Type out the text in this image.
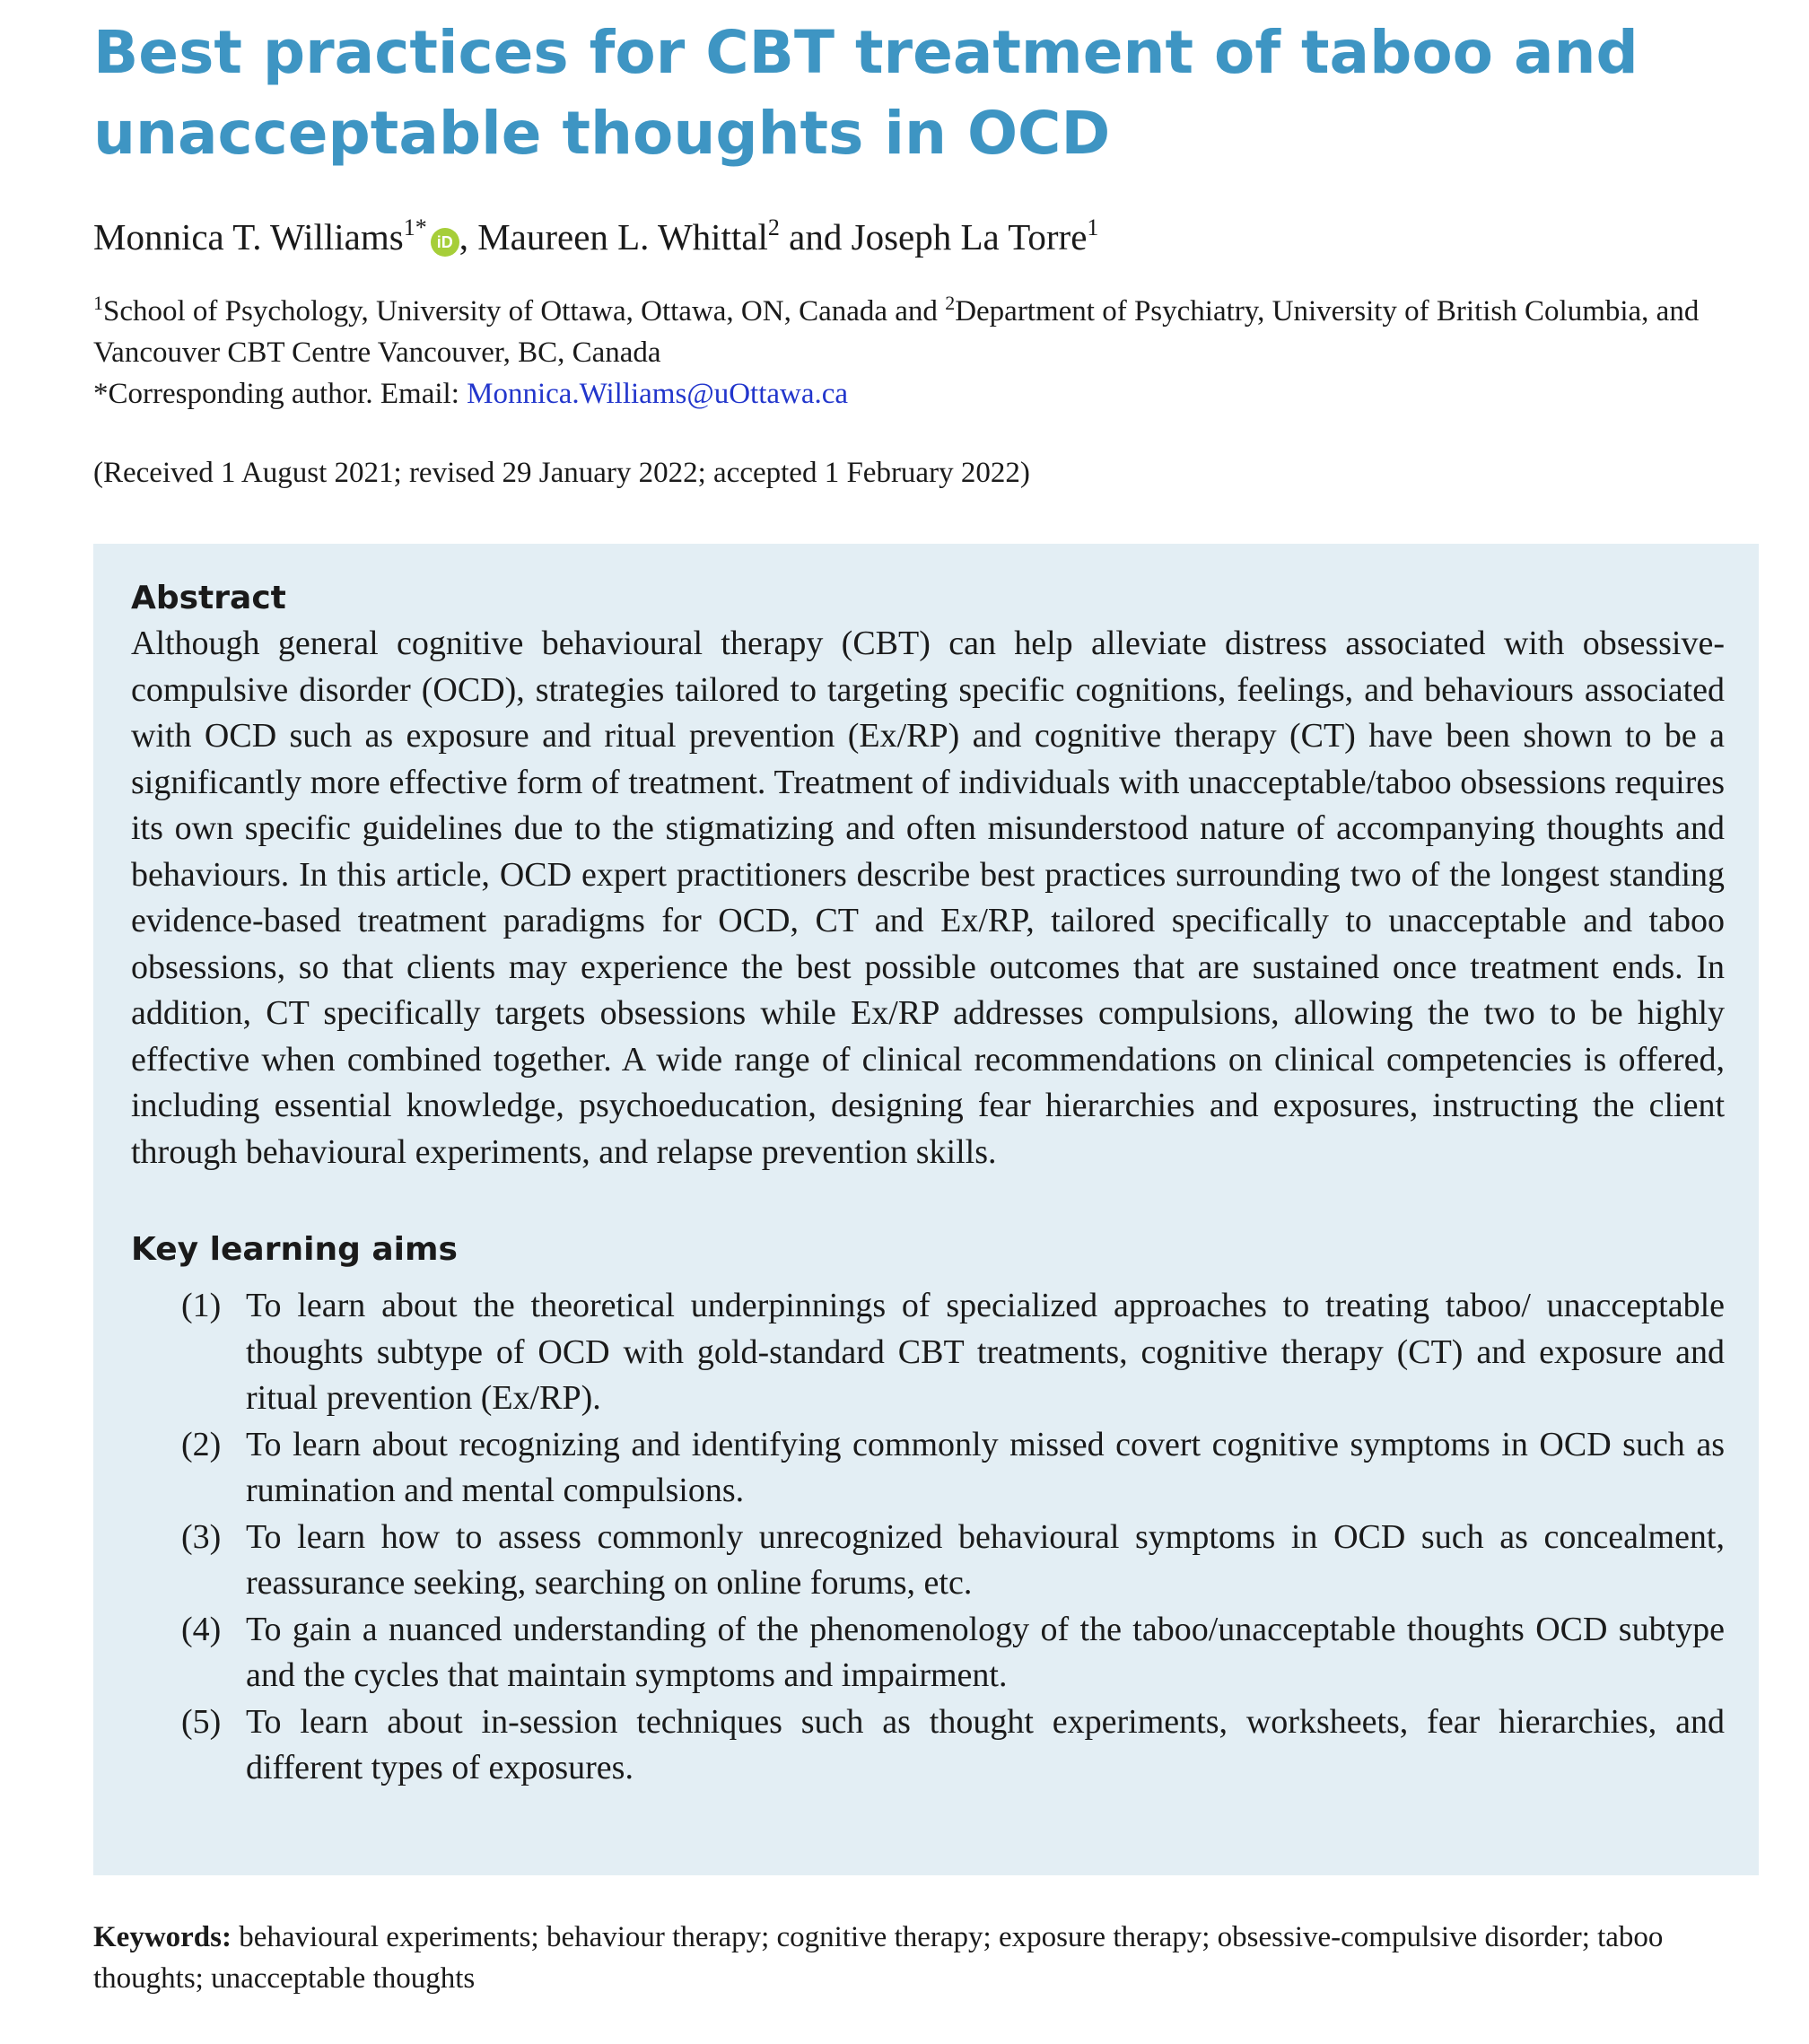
Best practices for CBT treatment of taboo and
unacceptable thoughts in OCD
Monnica T. Williams$^{1*}$iD , Maureen L. Whittal$^2$ and Joseph La Torre$^1$
$^1$School of Psychology, University of Ottawa, Ottawa, ON, Canada and $^2$Department of Psychiatry, University of British Columbia, and Vancouver CBT Centre Vancouver, BC, Canada
*Corresponding author. Email: Monnica.Williams@uOttawa.ca
(Received 1 August 2021; revised 29 January 2022; accepted 1 February 2022)
Abstract

Although general cognitive behavioural therapy (CBT) can help alleviate distress associated with obsessive-compulsive disorder (OCD), strategies tailored to targeting specific cognitions, feelings, and behaviours associated with OCD such as exposure and ritual prevention (Ex/RP) and cognitive therapy (CT) have been shown to be a significantly more effective form of treatment. Treatment of individuals with unacceptable/taboo obsessions requires its own specific guidelines due to the stigmatizing and often misunderstood nature of accompanying thoughts and behaviours. In this article, OCD expert practitioners describe best practices surrounding two of the longest standing evidence-based treatment paradigms for OCD, CT and Ex/RP, tailored specifically to unacceptable and taboo obsessions, so that clients may experience the best possible outcomes that are sustained once treatment ends. In addition, CT specifically targets obsessions while Ex/RP addresses compulsions, allowing the two to be highly effective when combined together. A wide range of clinical recommendations on clinical competencies is offered, including essential knowledge, psychoeducation, designing fear hierarchies and exposures, instructing the client through behavioural experiments, and relapse prevention skills.

Key learning aims
(1) To learn about the theoretical underpinnings of specialized approaches to treating taboo/ unacceptable thoughts subtype of OCD with gold-standard CBT treatments, cognitive therapy (CT) and exposure and ritual prevention (Ex/RP).
(2) To learn about recognizing and identifying commonly missed covert cognitive symptoms in OCD such as rumination and mental compulsions.
(3) To learn how to assess commonly unrecognized behavioural symptoms in OCD such as concealment, reassurance seeking, searching on online forums, etc.
(4) To gain a nuanced understanding of the phenomenology of the taboo/unacceptable thoughts OCD subtype and the cycles that maintain symptoms and impairment.
(5) To learn about in-session techniques such as thought experiments, worksheets, fear hierarchies, and different types of exposures.
Keywords: behavioural experiments; behaviour therapy; cognitive therapy; exposure therapy; obsessive-compulsive disorder; taboo thoughts; unacceptable thoughts
